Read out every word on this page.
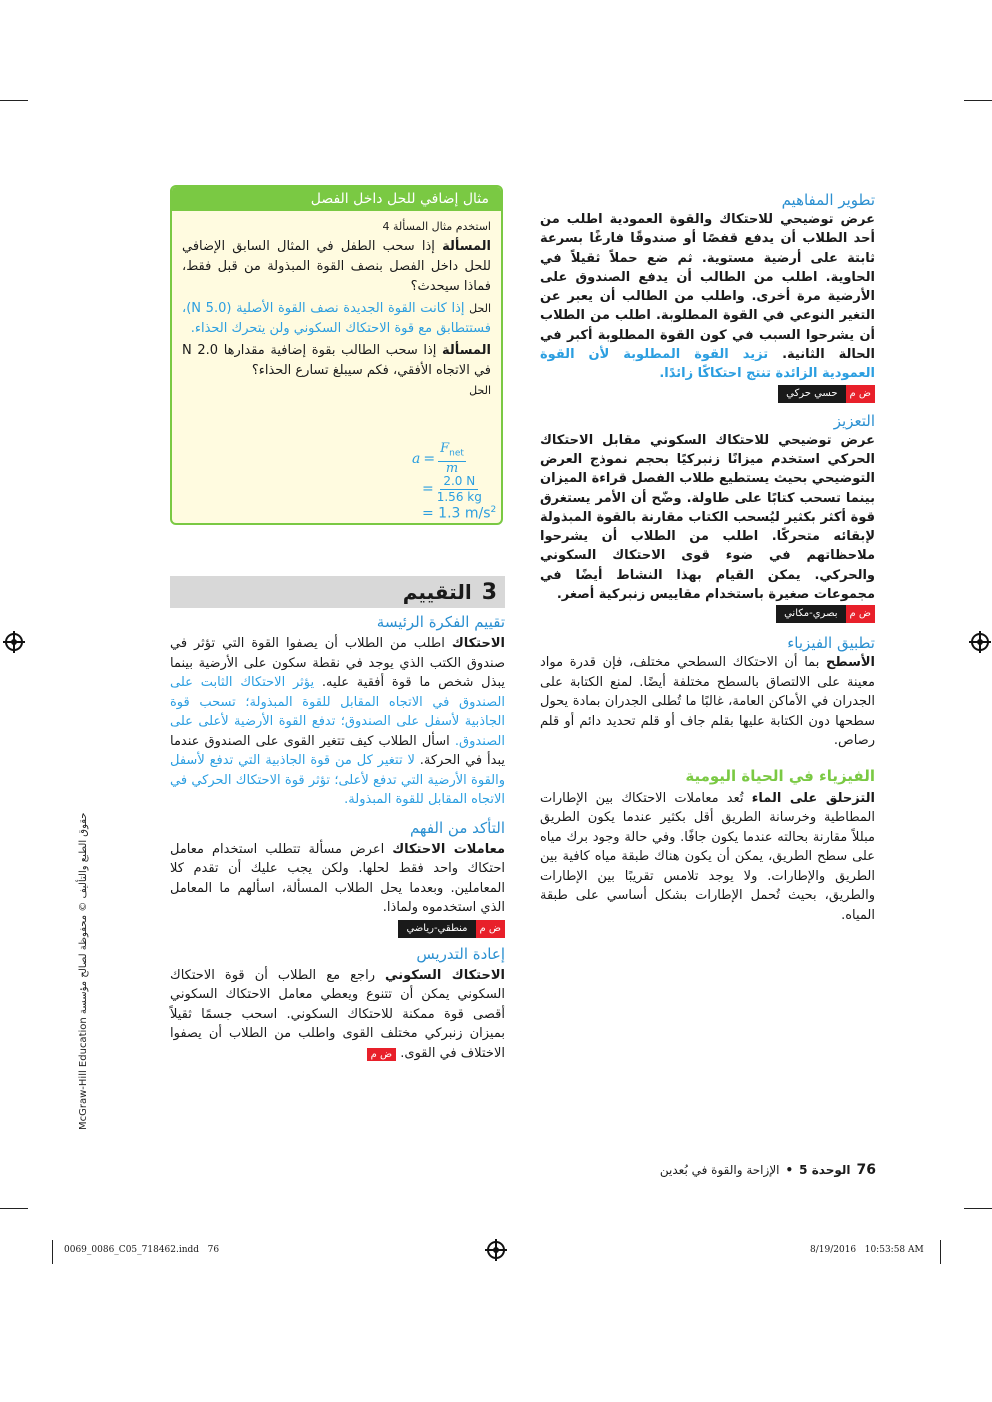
مثال إضافي للحل داخل الفصل
استخدم مثال المسألة 4
المسألة إذا سحب الطفل في المثال السابق الإضافي للحل داخل الفصل بنصف القوة المبذولة من قبل فقط، فماذا سيحدث؟
الحل إذا كانت القوة الجديدة نصف القوة الأصلية (5.0 N)، فستتطابق مع قوة الاحتكاك السكوني ولن يتحرك الحذاء.
المسألة إذا سحب الطالب بقوة إضافية مقدارها 2.0 N في الاتجاه الأفقي، فكم سيبلغ تسارع الحذاء؟
الحل
a =
$F_{net}$
m
= $\frac{2.0 N}{1.56 kg}$
= 1.3 $m/s^2$
تطوير المفاهيم
عرض توضيحي للاحتكاك والقوة العمودية اطلب من أحد الطلاب أن يدفع قفصًا أو صندوقًا فارغًا بسرعة ثابتة على أرضية مستوية. ثم ضع حملاً ثقيلاً في الحاوية. اطلب من الطالب أن يدفع الصندوق على الأرضية مرة أخرى. واطلب من الطالب أن يعبر عن التغير النوعي في القوة المطلوبة. اطلب من الطلاب أن يشرحوا السبب في كون القوة المطلوبة أكبر في الحالة الثانية. تزيد القوة المطلوبة لأن القوة العمودية الزائدة تنتج احتكاكًا زائدًا.
ض م
حسي حركي
التعزيز
عرض توضيحي للاحتكاك السكوني مقابل الاحتكاك الحركي استخدم ميزانًا زنبركيًا بحجم نموذج العرض التوضيحي بحيث يستطيع طلاب الفصل قراءة الميزان بينما تسحب كتابًا على طاولة. وضّح أن الأمر يستغرق قوة أكثر بكثير ليُسحب الكتاب مقارنة بالقوة المبذولة لإبقائه متحركًا. اطلب من الطلاب أن يشرحوا ملاحظاتهم في ضوء قوى الاحتكاك السكوني والحركي. يمكن القيام بهذا النشاط أيضًا في مجموعات صغيرة باستخدام مقاييس زنبركية أصغر.
ض م
بصري-مكاني
تطبيق الفيزياء
الأسطح بما أن الاحتكاك السطحي مختلف، فإن قدرة مواد معينة على الالتصاق بالسطح مختلفة أيضًا. لمنع الكتابة على الجدران في الأماكن العامة، غالبًا ما تُطلى الجدران بمادة يحول سطحها دون الكتابة عليها بقلم جاف أو قلم تحديد دائم أو قلم رصاص.
الفيزياء في الحياة اليومية
التزحلق على الماء تُعد معاملات الاحتكاك بين الإطارات المطاطية وخرسانة الطريق أقل بكثير عندما يكون الطريق مبللاً مقارنة بحالته عندما يكون جافًا. وفي حالة وجود برك مياه على سطح الطريق، يمكن أن يكون هناك طبقة مياه كافية بين الطريق والإطارات. ولا يوجد تلامس تقريبًا بين الإطارات والطريق، بحيث تُحمل الإطارات بشكل أساسي على طبقة المياه.
3
التقييم
تقييم الفكرة الرئيسة
الاحتكاك اطلب من الطلاب أن يصفوا القوة التي تؤثر في صندوق الكتب الذي يوجد في نقطة سكون على الأرضية بينما يبذل شخص ما قوة أفقية عليه. يؤثر الاحتكاك الثابت على الصندوق في الاتجاه المقابل للقوة المبذولة؛ تسحب قوة الجاذبية لأسفل على الصندوق؛ تدفع القوة الأرضية لأعلى على الصندوق. اسأل الطلاب كيف تتغير القوى على الصندوق عندما يبدأ في الحركة. لا تتغير كل من قوة الجاذبية التي تدفع لأسفل والقوة الأرضية التي تدفع لأعلى؛ تؤثر قوة الاحتكاك الحركي في الاتجاه المقابل للقوة المبذولة.
التأكد من الفهم
معاملات الاحتكاك اعرض مسألة تتطلب استخدام معامل احتكاك واحد فقط لحلها. ولكن يجب عليك أن تقدم كلا المعاملين. وبعدما يحل الطلاب المسألة، اسألهم ما المعامل الذي استخدموه ولماذا.
ض م
منطقي-رياضي
إعادة التدريس
الاحتكاك السكوني راجع مع الطلاب أن قوة الاحتكاك السكوني يمكن أن تتنوع ويعطي معامل الاحتكاك السكوني أقصى قوة ممكنة للاحتكاك السكوني. اسحب جسمًا ثقيلاً بميزان زنبركي مختلف القوى واطلب من الطلاب أن يصفوا الاختلاف في القوى. ض م
McGraw-Hill Education حقوق الطبع والتأليف © محفوظة لصالح مؤسسة
76
الوحدة 5
•
الإزاحة والقوة في بُعدين
0069_0086_C05_718462.indd   76	8/19/2016   10:53:58 AM
